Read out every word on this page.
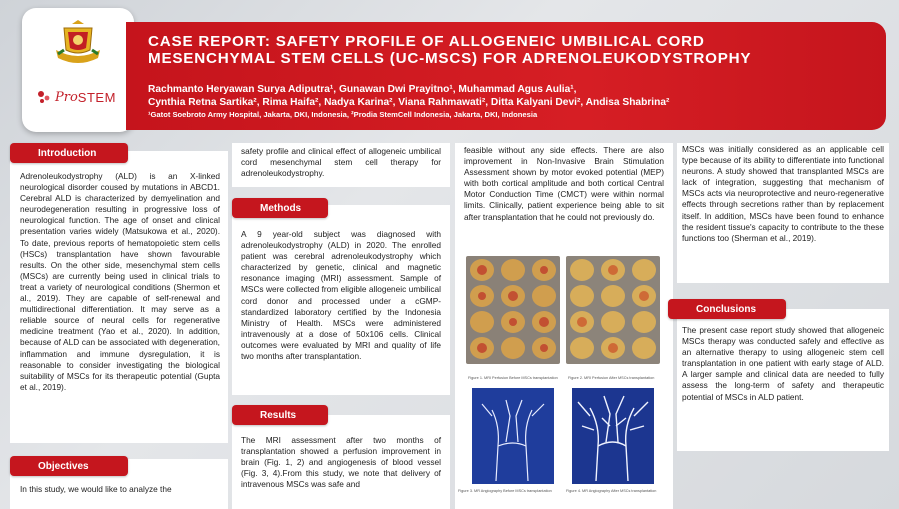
Pro STEM
CASE REPORT: SAFETY PROFILE OF ALLOGENEIC UMBILICAL CORD
MESENCHYMAL STEM CELLS (UC-MSCS) FOR ADRENOLEUKODYSTROPHY
Rachmanto Heryawan Surya Adiputra¹, Gunawan Dwi Prayitno¹, Muhammad Agus Aulia¹,
Cynthia Retna Sartika², Rima Haifa², Nadya Karina², Viana Rahmawati², Ditta Kalyani Devi², Andisa Shabrina²
¹Gatot Soebroto Army Hospital, Jakarta, DKI, Indonesia, ²Prodia StemCell Indonesia, Jakarta, DKI, Indonesia
Introduction
Adrenoleukodystrophy (ALD) is an X-linked neurological disorder coused by mutations in ABCD1. Cerebral ALD is characterized by demyelination and neurodegeneration resulting in progressive loss of neurological function. The age of onset and clinical presentation varies widely (Matsukowa et al., 2020). To date, previous reports of hematopoietic stem cells (HSCs) transplantation have shown favourable results. On the other side, mesenchymal stem cells (MSCs) are currently being used in clinical trials to treat a variety of neurological conditions (Shermon et al., 2019). They are capable of self-renewal and multidirectional differentiation. It may serve as a reliable source of neural cells for regenerative medicine treatment (Yao et al., 2020). In addition, because of ALD can be associated with degeneration, inflammation and immune dysregulation, it is reasonable to consider investigating the biological suitability of MSCs for its therapeutic potential (Gupta et al., 2019).
Objectives
In this study, we would like to analyze the
safety profile and clinical effect of allogeneic umbilical cord mesenchymal stem cell therapy for adrenoleukodystrophy.
Methods
A 9 year-old subject was diagnosed with adrenoleukodystrophy (ALD) in 2020. The enrolled patient was cerebral adrenoleukodystrophy which characterized by genetic, clinical and magnetic resonance imaging (MRI) assessment. Sample of MSCs were collected from eligible allogeneic umbilical cord donor and processed under a cGMP-standardized laboratory certified by the Indonesia Ministry of Health. MSCs were administered intravenously at a dose of 50x106 cells. Clinical outcomes were evaluated by MRI and quality of life two months after transplantation.
Results
The MRI assessment after two months of transplantation showed a perfusion improvement in brain (Fig. 1, 2) and angiogenesis of blood vessel (Fig. 3, 4).From this study, we note that delivery of intravenous MSCs was safe and
feasible without any side effects. There are also improvement in Non-Invasive Brain Stimulation Assessment shown by motor evoked potential (MEP) with both cortical amplitude and both cortical Central Motor Conduction Time (CMCT) were within normal limits. Clinically, patient experience being able to sit after transplantation that he could not previously do.
Figure 1. MRI Perfusion Before MSCs transplantation	Figure 2. MRI Perfusion After MSCs transplantation
Figure 3. MR Angiography Before MSCs transplantation	Figure 4. MR Angiography After MSCs transplantation
MSCs was initially considered as an applicable cell type because of its ability to differentiate into functional neurons. A study showed that transplanted MSCs are lack of integration, suggesting that mechanism of MSCs acts via neuroprotective and neuro-regenerative effects through secretions rather than by replacement itself. In addition, MSCs have been found to enhance the resident tissue's capacity to contribute to the these functions too (Sherman et al., 2019).
Conclusions
The present case report study showed that allogeneic MSCs therapy was conducted safely and effective as an alternative therapy to using allogeneic stem cell transplantation in one patient with early stage of ALD. A larger sample and clinical data are needed to fully assess the long-term of safety and therapeutic potential of MSCs in ALD patient.
